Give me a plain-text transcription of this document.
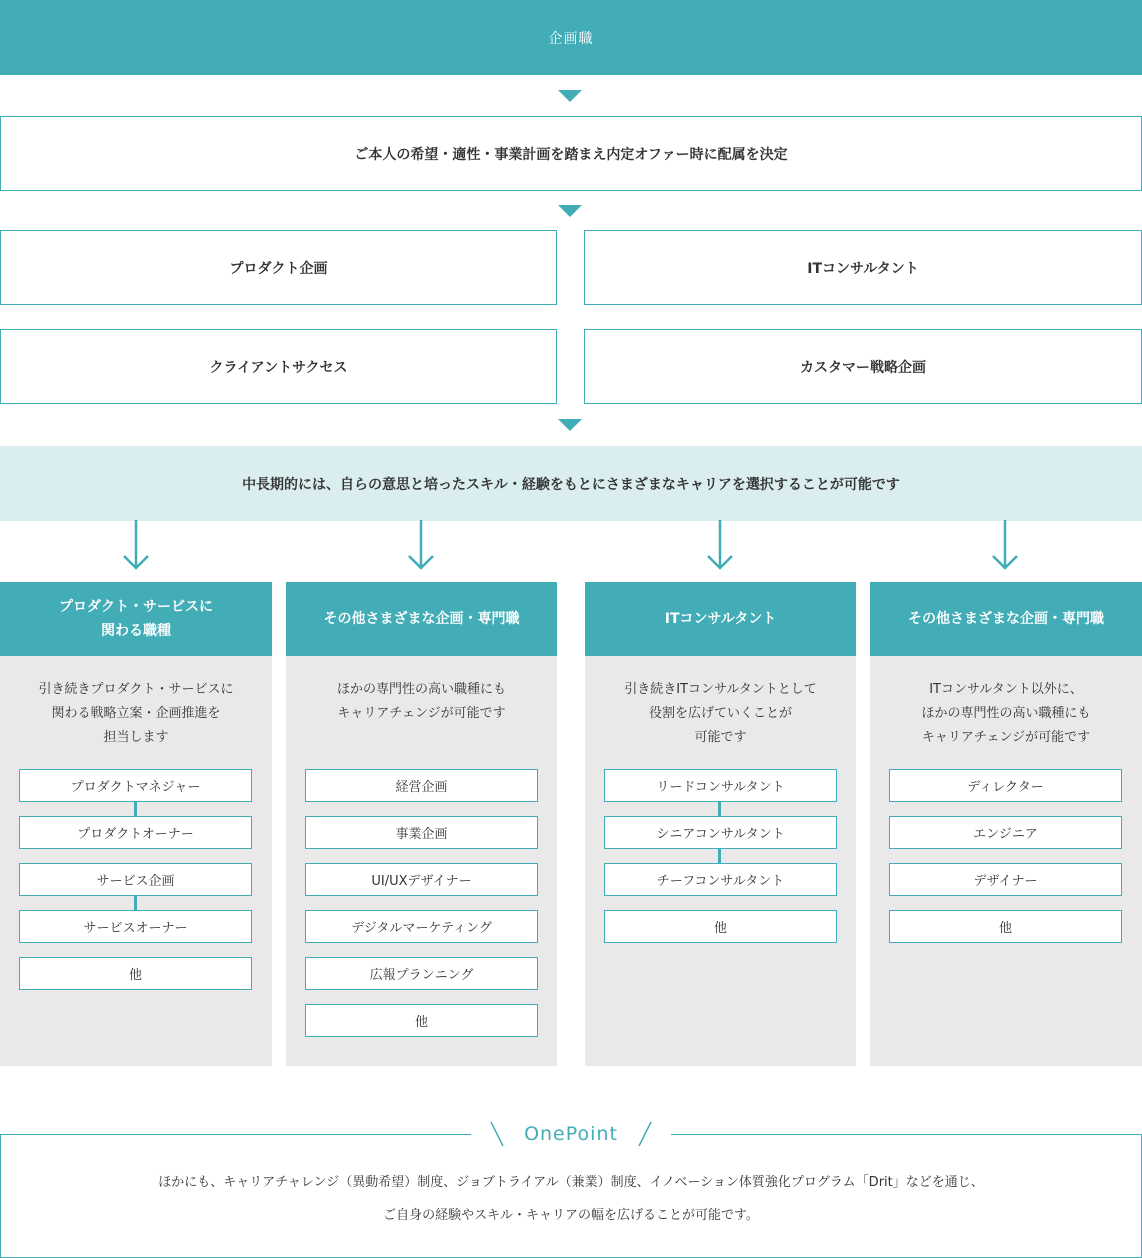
企画職
ご本人の希望・適性・事業計画を踏まえ内定オファー時に配属を決定
プロダクト企画	ITコンサルタント
クライアントサクセス	カスタマー戦略企画
中長期的には、自らの意思と培ったスキル・経験をもとにさまざまなキャリアを選択することが可能です
プロダクト・サービスに
関わる職種
引き続きプロダクト・サービスに
関わる戦略立案・企画推進を
担当します
プロダクトマネジャー
プロダクトオーナー
サービス企画
サービスオーナー
他
その他さまざまな企画・専門職
ほかの専門性の高い職種にも
キャリアチェンジが可能です
経営企画
事業企画
UI/UXデザイナー
デジタルマーケティング
広報プランニング
他
ITコンサルタント
引き続きITコンサルタントとして
役割を広げていくことが
可能です
リードコンサルタント
シニアコンサルタント
チーフコンサルタント
他
その他さまざまな企画・専門職
ITコンサルタント以外に、
ほかの専門性の高い職種にも
キャリアチェンジが可能です
ディレクター
エンジニア
デザイナー
他
OnePoint
ほかにも、キャリアチャレンジ（異動希望）制度、ジョブトライアル（兼業）制度、イノベーション体質強化プログラム「Drit」などを通じ、
ご自身の経験やスキル・キャリアの幅を広げることが可能です。
